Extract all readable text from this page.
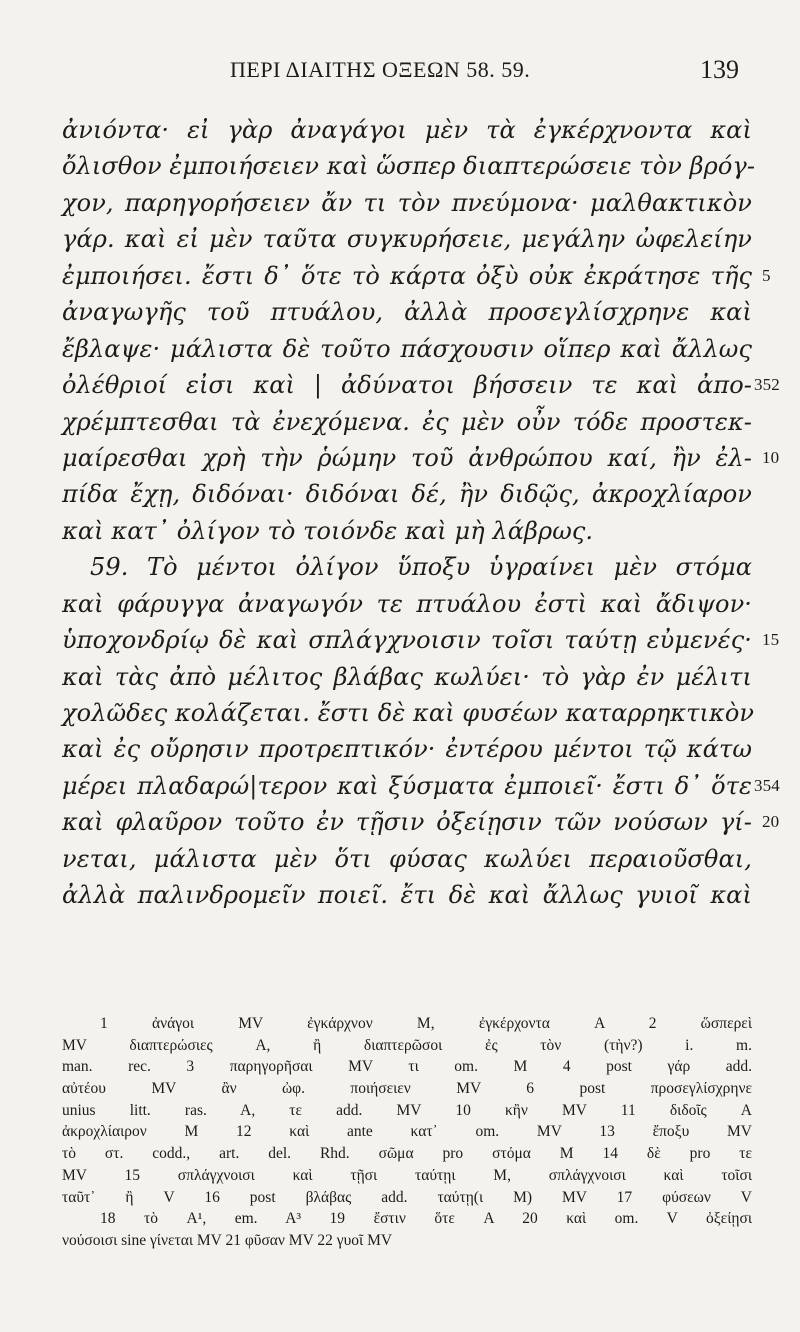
ΠΕΡΙ ΔΙΑΙΤΗΣ ΟΞΕΩΝ 58. 59.	139
ἀνιόντα· εἰ γὰρ ἀναγάγοι μὲν τὰ ἐγκέρχνοντα καὶ
ὄλισθον ἐμποιήσειεν καὶ ὥσπερ διαπτερώσειε τὸν βρόγ-
χον, παρηγορήσειεν ἄν τι τὸν πνεύμονα· μαλθακτικὸν
γάρ. καὶ εἰ μὲν ταῦτα συγκυρήσειε, μεγάλην ὠφελείην
ἐμποιήσει. ἔστι δ᾽ ὅτε τὸ κάρτα ὀξὺ οὐκ ἐκράτησε τῆς 5
ἀναγωγῆς τοῦ πτυάλου, ἀλλὰ προσεγλίσχρηνε καὶ
ἔβλαψε· μάλιστα δὲ τοῦτο πάσχουσιν οἵπερ καὶ ἄλλως
ὀλέθριοί εἰσι καὶ | ἀδύνατοι βήσσειν τε καὶ ἀπο- 352
χρέμπτεσθαι τὰ ἐνεχόμενα. ἐς μὲν οὖν τόδε προστεκ-
μαίρεσθαι χρὴ τὴν ῥώμην τοῦ ἀνθρώπου καί, ἢν ἐλ- 10
πίδα ἔχῃ, διδόναι· διδόναι δέ, ἢν διδῷς, ἀκροχλίαρον
καὶ κατ᾽ ὀλίγον τὸ τοιόνδε καὶ μὴ λάβρως.
59. Τὸ μέντοι ὀλίγον ὕποξυ ὑγραίνει μὲν στόμα
καὶ φάρυγγα ἀναγωγόν τε πτυάλου ἐστὶ καὶ ἄδιψον·
ὑποχονδρίῳ δὲ καὶ σπλάγχνοισιν τοῖσι ταύτῃ εὐμενές· 15
καὶ τὰς ἀπὸ μέλιτος βλάβας κωλύει· τὸ γὰρ ἐν μέλιτι
χολῶδες κολάζεται. ἔστι δὲ καὶ φυσέων καταρρηκτικὸν
καὶ ἐς οὔρησιν προτρεπτικόν· ἐντέρου μέντοι τῷ κάτω
μέρει πλαδαρώ|τερον καὶ ξύσματα ἐμποιεῖ· ἔστι δ᾽ ὅτε 354
καὶ φλαῦρον τοῦτο ἐν τῇσιν ὀξείῃσιν τῶν νούσων γί- 20
νεται, μάλιστα μὲν ὅτι φύσας κωλύει περαιοῦσθαι,
ἀλλὰ παλινδρομεῖν ποιεῖ. ἔτι δὲ καὶ ἄλλως γυιοῖ καὶ
1 ἀνάγοι MV ἐγκάρχνον M, ἐγκέρχοντα A 2 ὥσπερεὶ
MV διαπτερώσιες A, ἢ διαπτερῶσοι ἐς τὸν (τὴν?) i. m.
man. rec. 3 παρηγορῆσαι MV τι om. M 4 post γάρ add.
αὐτέου MV ἂν ὠφ. ποιήσειεν MV 6 post προσεγλίσχρηνε
unius litt. ras. A, τε add. MV 10 κἢν MV 11 διδοῖς A
ἀκροχλίαιρον M 12 καὶ ante κατ᾽ om. MV 13 ἔποξυ MV
τὸ στ. codd., art. del. Rhd. σῶμα pro στόμα M 14 δὲ pro τε
MV 15 σπλάγχνοισι καὶ τῇσι ταύτῃι M, σπλάγχνοισι καὶ τοῖσι
ταῦτ᾽ ἢ V 16 post βλάβας add. ταύτῃ(ι M) MV 17 φύσεων V
18 τὸ A¹, em. A³ 19 ἔστιν ὅτε A 20 καὶ om. V ὀξείῃσι
νούσοισι sine γίνεται MV 21 φῦσαν MV 22 γυοῖ MV
